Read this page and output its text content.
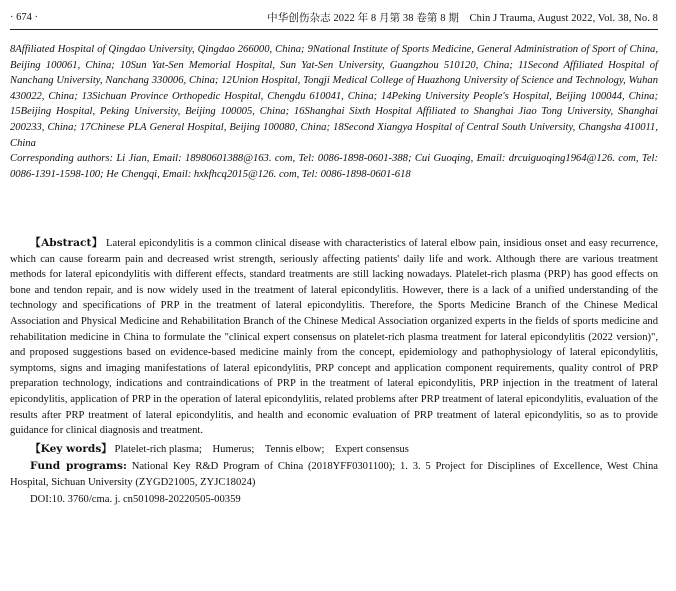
· 674 ·	中华创伤杂志 2022 年 8 月第 38 卷第 8 期　Chin J Trauma, August 2022, Vol. 38, No. 8

8Affiliated Hospital of Qingdao University, Qingdao 266000, China; 9National Institute of Sports Medicine, General Administration of Sport of China, Beijing 100061, China; 10Sun Yat-Sen Memorial Hospital, Sun Yat-Sen University, Guangzhou 510120, China; 11Second Affiliated Hospital of Nanchang University, Nanchang 330006, China; 12Union Hospital, Tongji Medical College of Huazhong University of Science and Technology, Wuhan 430022, China; 13Sichuan Province Orthopedic Hospital, Chengdu 610041, China; 14Peking University People's Hospital, Beijing 100044, China; 15Beijing Hospital, Peking University, Beijing 100005, China; 16Shanghai Sixth Hospital Affiliated to Shanghai Jiao Tong University, Shanghai 200233, China; 17Chinese PLA General Hospital, Beijing 100080, China; 18Second Xiangya Hospital of Central South University, Changsha 410011, China

Corresponding authors: Li Jian, Email: 18980601388@163. com, Tel: 0086-1898-0601-388; Cui Guoqing, Email: drcuiguoqing1964@126. com, Tel: 0086-1391-1598-100; He Chengqi, Email: hxkfhcq2015@126. com, Tel: 0086-1898-0601-618

【Abstract】 Lateral epicondylitis is a common clinical disease with characteristics of lateral elbow pain, insidious onset and easy recurrence, which can cause forearm pain and decreased wrist strength, seriously affecting patients' daily life and work. Although there are various treatment methods for lateral epicondylitis with different effects, standard treatments are still lacking nowadays. Platelet-rich plasma (PRP) has good effects on bone and tendon repair, and is now widely used in the treatment of lateral epicondylitis. However, there is a lack of a unified understanding of the technology and specifications of PRP in the treatment of lateral epicondylitis. Therefore, the Sports Medicine Branch of the Chinese Medical Association and Physical Medicine and Rehabilitation Branch of the Chinese Medical Association organized experts in the fields of sports medicine and rehabilitation medicine in China to formulate the "clinical expert consensus on platelet-rich plasma treatment for lateral epicondylitis (2022 version)", and proposed suggestions based on evidence-based medicine mainly from the concept, epidemiology and pathophysiology of lateral epicondylitis, symptoms, signs and imaging manifestations of lateral epicondylitis, PRP concept and application component requirements, quality control of PRP preparation technology, indications and contraindications of PRP in the treatment of lateral epicondylitis, PRP injection in the treatment of lateral epicondylitis, application of PRP in the operation of lateral epicondylitis, related problems after PRP treatment of lateral epicondylitis, evaluation of the results after PRP treatment of lateral epicondylitis, and health and economic evaluation of PRP treatment of lateral epicondylitis, so as to provide guidance for clinical diagnosis and treatment.

【Key words】 Platelet-rich plasma;　Humerus;　Tennis elbow;　Expert consensus

Fund programs: National Key R&D Program of China (2018YFF0301100); 1. 3. 5 Project for Disciplines of Excellence, West China Hospital, Sichuan University (ZYGD21005, ZYJC18024)

DOI:10. 3760/cma. j. cn501098-20220505-00359
